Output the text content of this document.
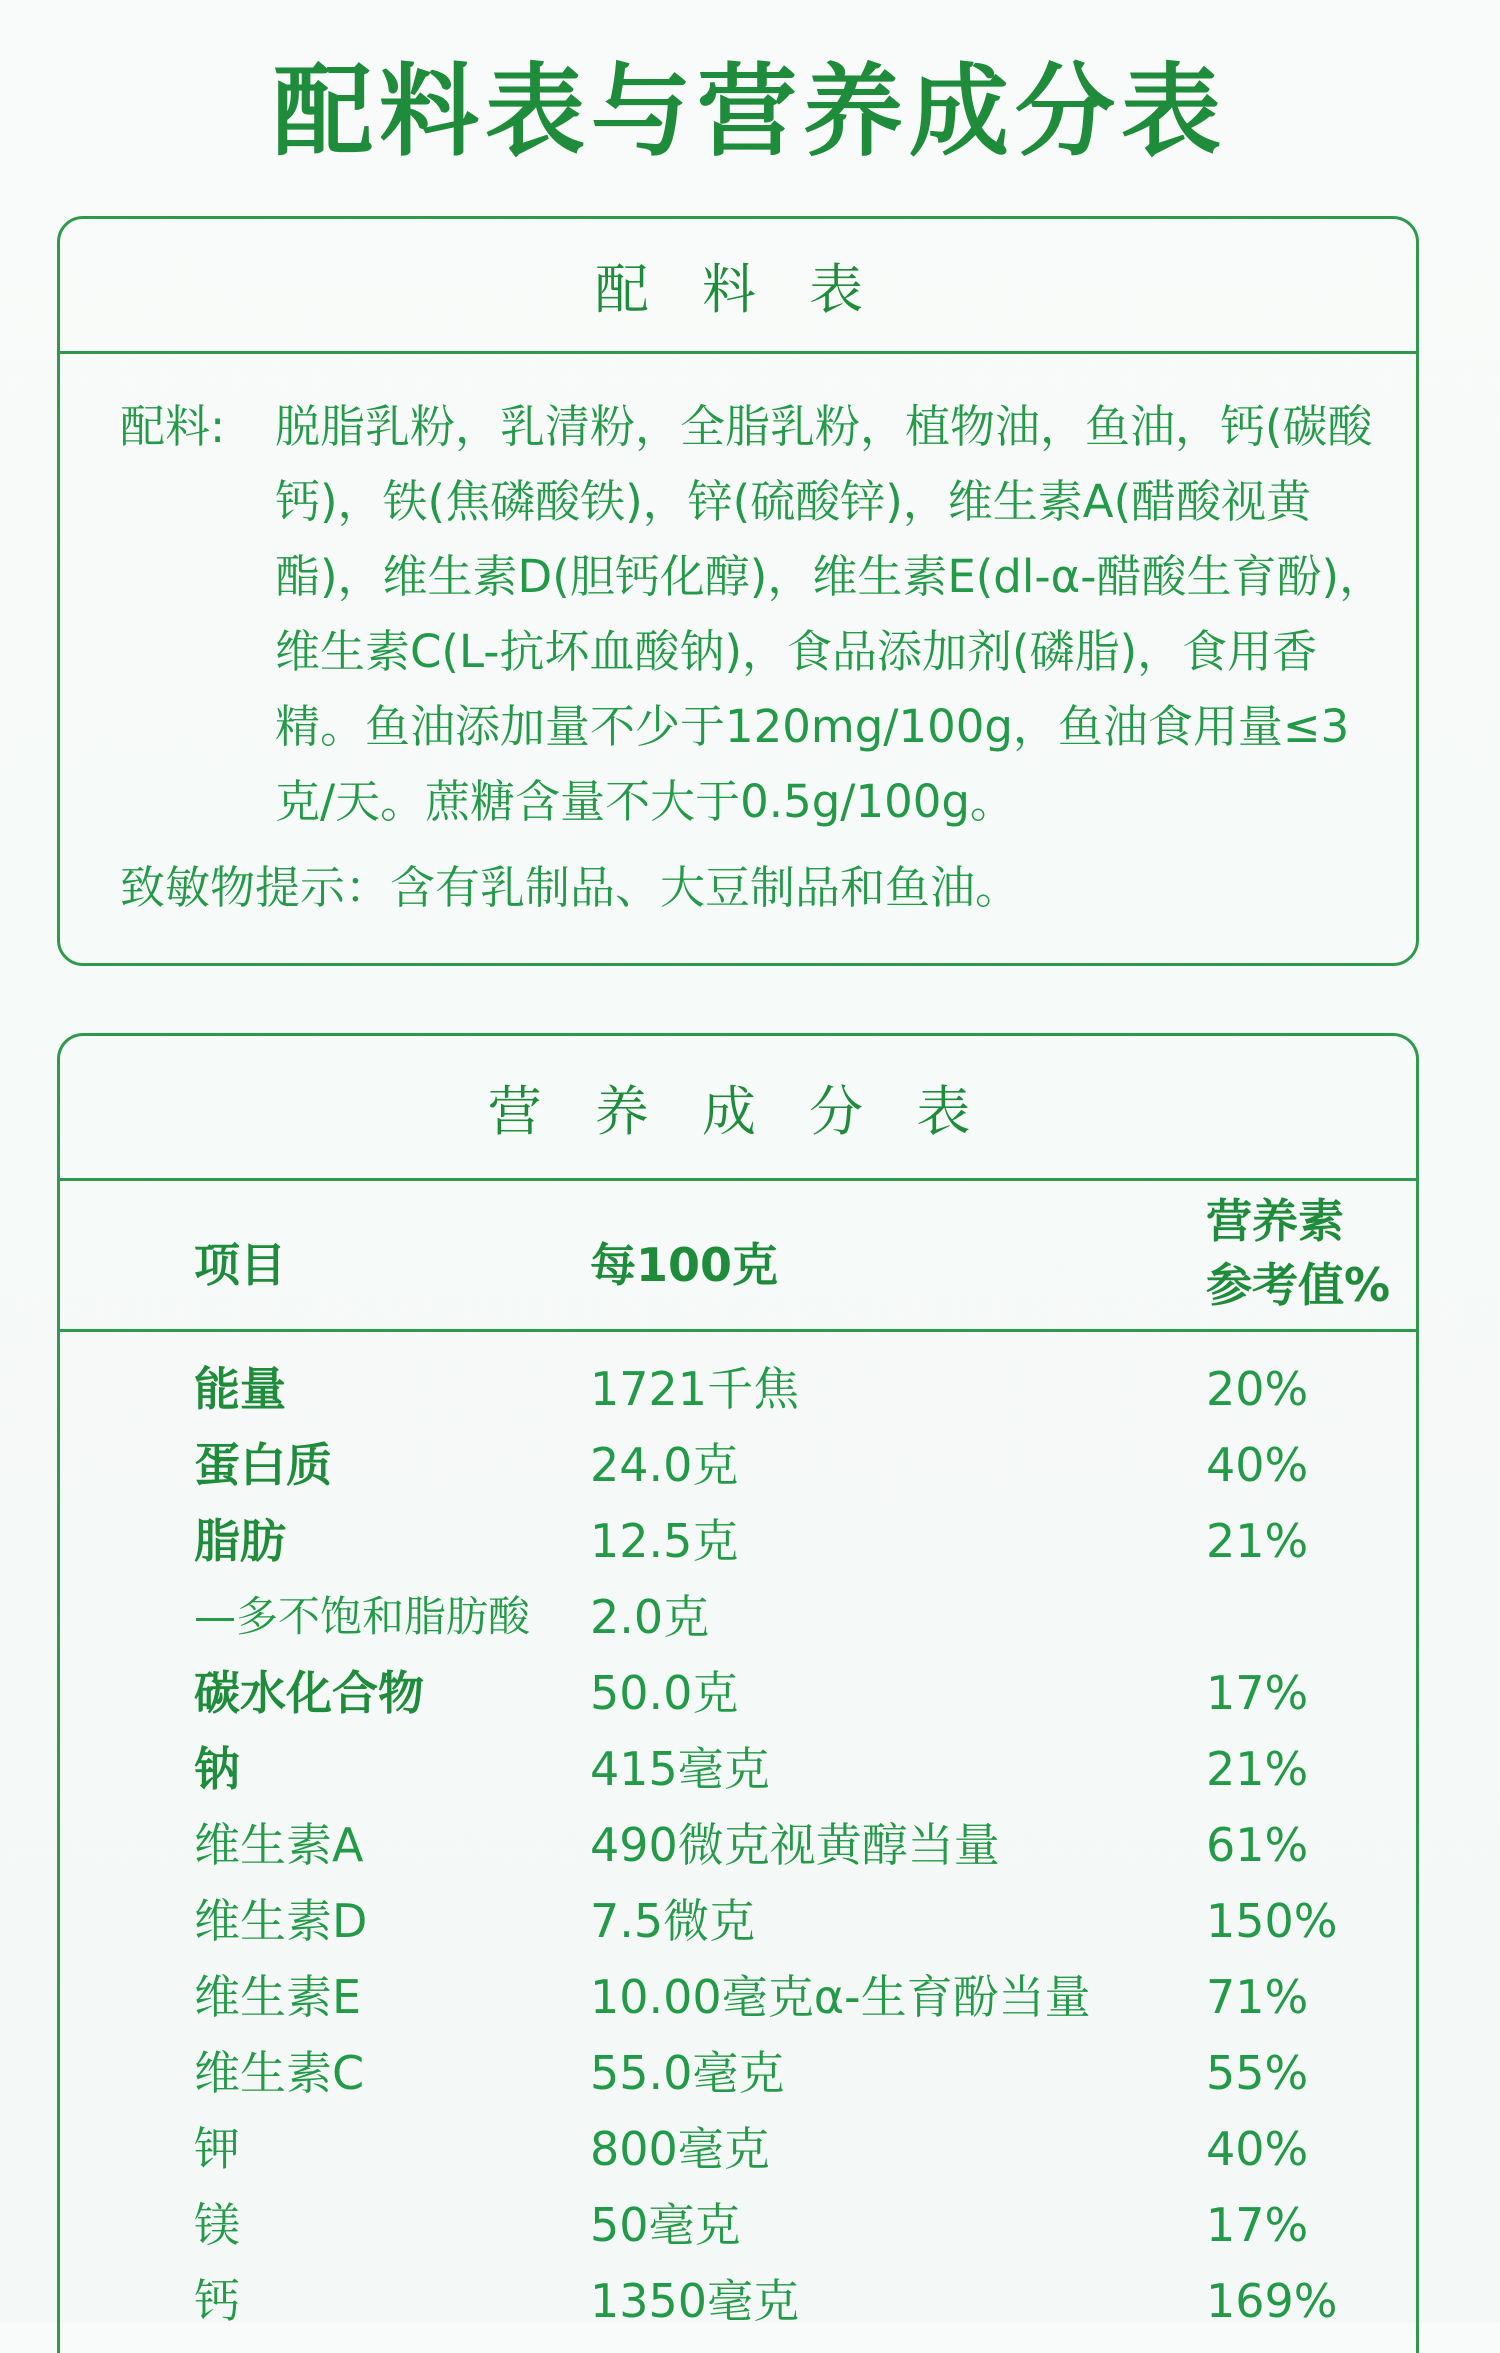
配料表与营养成分表
配 料 表
配料:	脱脂乳粉，乳清粉，全脂乳粉，植物油，鱼油，钙(碳酸
钙)，铁(焦磷酸铁)，锌(硫酸锌)，维生素A(醋酸视黄
酯)，维生素D(胆钙化醇)，维生素E(dl-α-醋酸生育酚)，
维生素C(L-抗坏血酸钠)，食品添加剂(磷脂)，食用香
精。鱼油添加量不少于120mg/100g，鱼油食用量≤3
克/天。蔗糖含量不大于0.5g/100g。
致敏物提示：含有乳制品、大豆制品和鱼油。
营 养 成 分 表
项目	每100克
营养素
参考值%
能量	1721千焦	20%
蛋白质	24.0克	40%
脂肪	12.5克	21%
—多不饱和脂肪酸 2.0克
碳水化合物	50.0克	17%
钠	415毫克	21%
维生素A	490微克视黄醇当量	61%
维生素D	7.5微克	150%
维生素E	10.00毫克α-生育酚当量	71%
维生素C	55.0毫克	55%
钾	800毫克	40%
镁	50毫克	17%
钙	1350毫克	169%
